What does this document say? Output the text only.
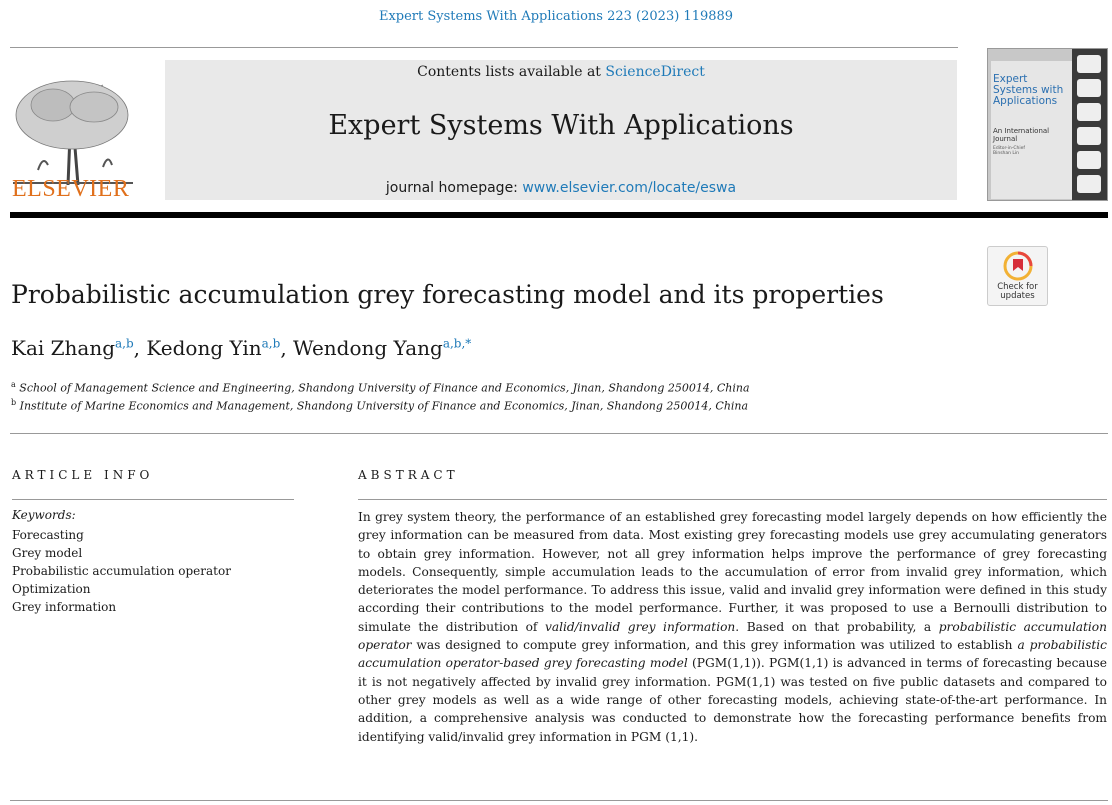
Expert Systems With Applications 223 (2023) 119889
ELSEVIER
Contents lists available at ScienceDirect
Expert Systems With Applications
journal homepage: www.elsevier.com/locate/eswa
Expert Systems with Applications
An International Journal
Editor-in-Chief Binshan Lin
Check for updates
Probabilistic accumulation grey forecasting model and its properties
Kai Zhang$^{a,b}$, Kedong Yin$^{a,b}$, Wendong Yang$^{a,b,*}$
$^a$ School of Management Science and Engineering, Shandong University of Finance and Economics, Jinan, Shandong 250014, China
$^b$ Institute of Marine Economics and Management, Shandong University of Finance and Economics, Jinan, Shandong 250014, China
ARTICLE INFO
Keywords:
Forecasting
Grey model
Probabilistic accumulation operator
Optimization
Grey information
ABSTRACT
In grey system theory, the performance of an established grey forecasting model largely depends on how efficiently the grey information can be measured from data. Most existing grey forecasting models use grey accumulating generators to obtain grey information. However, not all grey information helps improve the performance of grey forecasting models. Consequently, simple accumulation leads to the accumulation of error from invalid grey information, which deteriorates the model performance. To address this issue, valid and invalid grey information were defined in this study according their contributions to the model performance. Further, it was proposed to use a Bernoulli distribution to simulate the distribution of valid/invalid grey information. Based on that probability, a probabilistic accumulation operator was designed to compute grey information, and this grey information was utilized to establish a probabilistic accumulation operator-based grey forecasting model (PGM(1,1)). PGM(1,1) is advanced in terms of forecasting because it is not negatively affected by invalid grey information. PGM(1,1) was tested on five public datasets and compared to other grey models as well as a wide range of other forecasting models, achieving state-of-the-art performance. In addition, a comprehensive analysis was conducted to demonstrate how the forecasting performance benefits from identifying valid/invalid grey information in PGM (1,1).
